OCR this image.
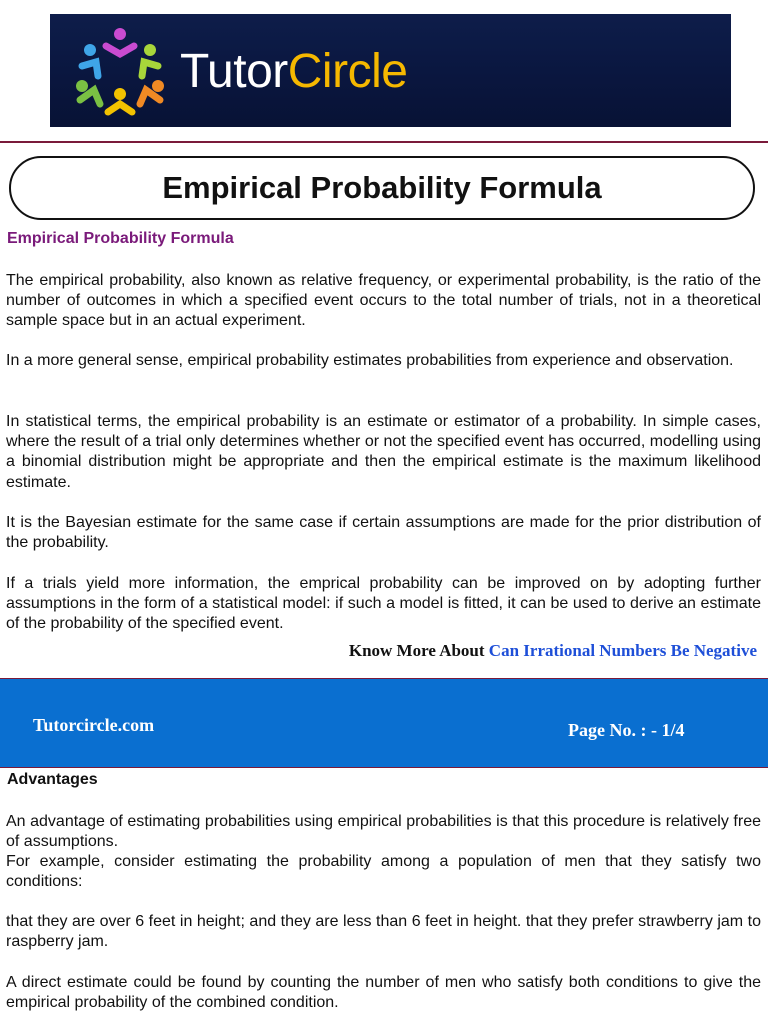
TutorCircle
Empirical Probability Formula
Empirical Probability Formula

The empirical probability, also known as relative frequency, or experimental probability, is the ratio of the number of outcomes in which a specified event occurs to the total number of trials, not in a theoretical sample space but in an actual experiment.

In a more general sense, empirical probability estimates probabilities from experience and observation.

In statistical terms, the empirical probability is an estimate or estimator of a probability. In simple cases, where the result of a trial only determines whether or not the specified event has occurred, modelling using a binomial distribution might be appropriate and then the empirical estimate is the maximum likelihood estimate.

It is the Bayesian estimate for the same case if certain assumptions are made for the prior distribution of the probability.

If a trials yield more information, the emprical probability can be improved on by adopting further assumptions in the form of a statistical model: if such a model is fitted, it can be used to derive an estimate of the probability of the specified event.

Know More About Can Irrational Numbers Be Negative
Tutorcircle.com	Page No. : - 1/4
Advantages

An advantage of estimating probabilities using empirical probabilities is that this procedure is relatively free of assumptions.

For example, consider estimating the probability among a population of men that they satisfy two conditions:

that they are over 6 feet in height; and they are less than 6 feet in height. that they prefer strawberry jam to raspberry jam.

A direct estimate could be found by counting the number of men who satisfy both conditions to give the empirical probability of the combined condition.
